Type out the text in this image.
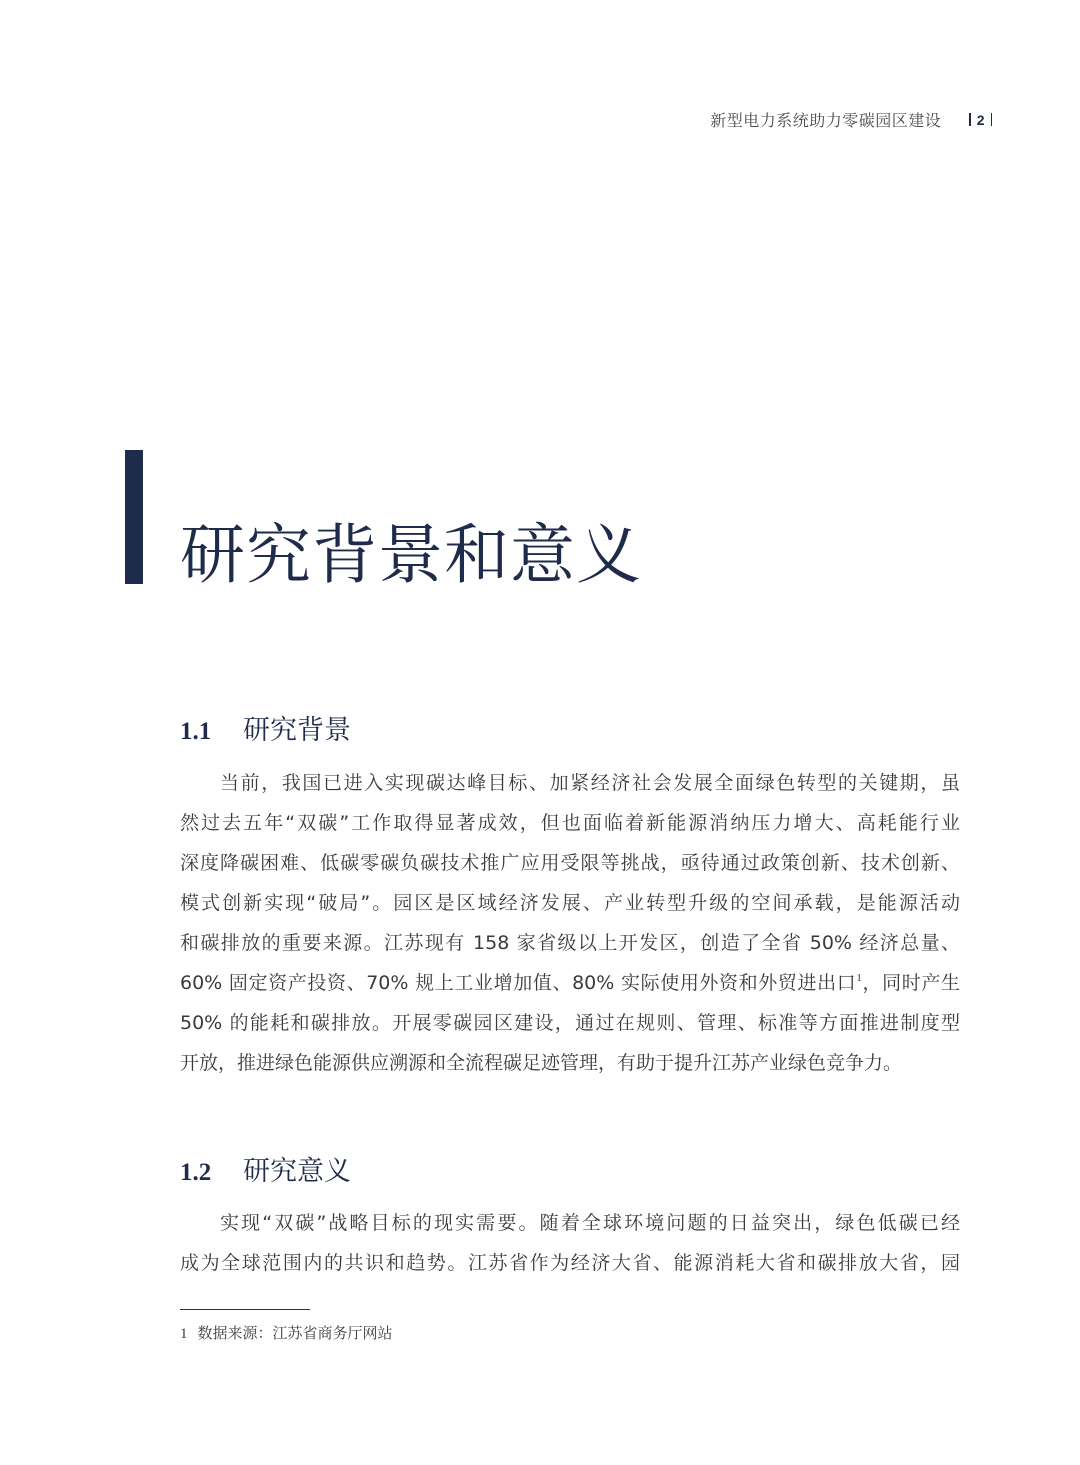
新型电力系统助力零碳园区建设	2
研究背景和意义
1.1	研究背景
当前，我国已进入实现碳达峰目标、加紧经济社会发展全面绿色转型的关键期，虽
然过去五年“双碳”工作取得显著成效，但也面临着新能源消纳压力增大、高耗能行业
深度降碳困难、低碳零碳负碳技术推广应用受限等挑战，亟待通过政策创新、技术创新、
模式创新实现“破局”。园区是区域经济发展、产业转型升级的空间承载，是能源活动
和碳排放的重要来源。江苏现有 158 家省级以上开发区，创造了全省 50% 经济总量、
60% 固定资产投资、70% 规上工业增加值、80% 实际使用外资和外贸进出口$^1$，同时产生
50% 的能耗和碳排放。开展零碳园区建设，通过在规则、管理、标准等方面推进制度型
开放，推进绿色能源供应溯源和全流程碳足迹管理，有助于提升江苏产业绿色竞争力。
1.2	研究意义
实现“双碳”战略目标的现实需要。随着全球环境问题的日益突出，绿色低碳已经
成为全球范围内的共识和趋势。江苏省作为经济大省、能源消耗大省和碳排放大省，园
1 数据来源：江苏省商务厅网站
